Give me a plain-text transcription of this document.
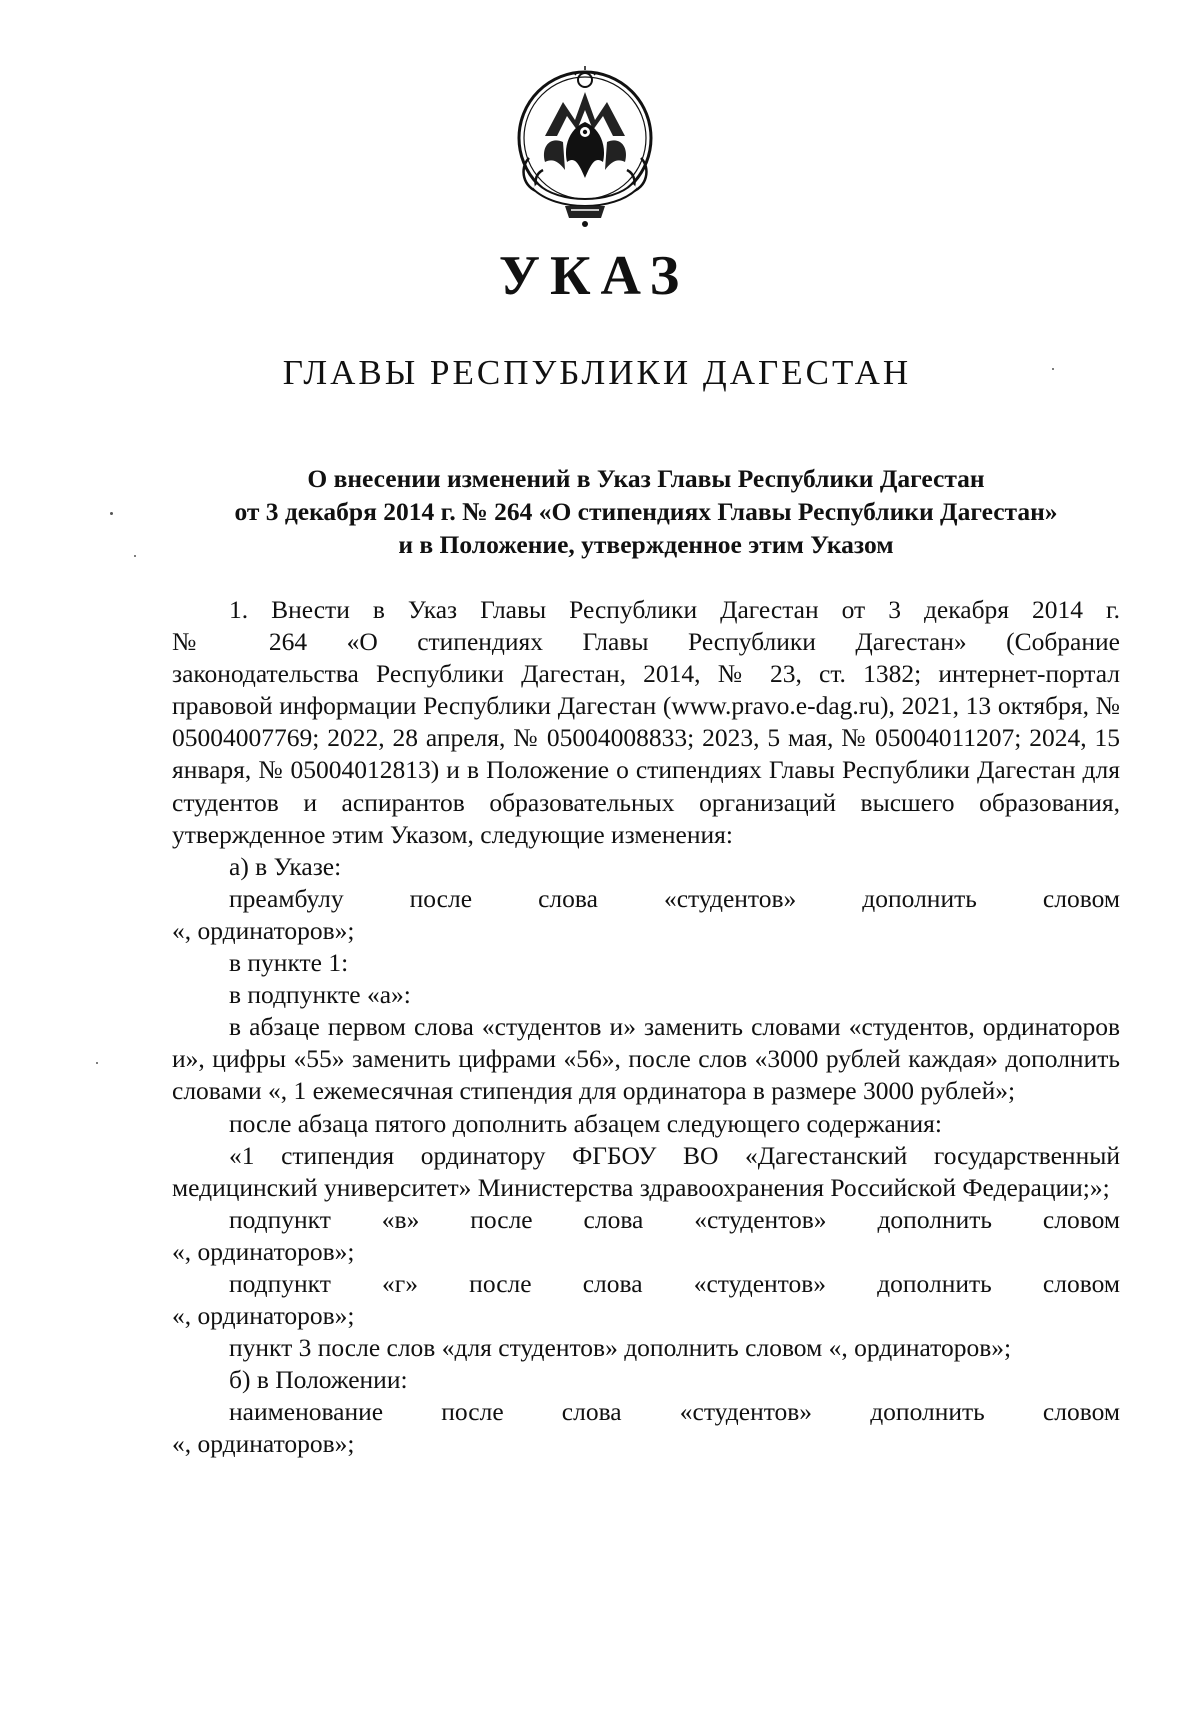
УКАЗ
ГЛАВЫ РЕСПУБЛИКИ ДАГЕСТАН
О внесении изменений в Указ Главы Республики Дагестан
от 3 декабря 2014 г. № 264 «О стипендиях Главы Республики Дагестан»
и в Положение, утвержденное этим Указом
1. Внести в Указ Главы Республики Дагестан от 3 декабря 2014 г.
№ 264 «О стипендиях Главы Республики Дагестан» (Собрание

законодательства Республики Дагестан, 2014, № 23, ст. 1382; интернет-портал правовой информации Республики Дагестан (www.pravo.e-dag.ru), 2021, 13 октября, № 05004007769; 2022, 28 апреля, № 05004008833; 2023, 5 мая, № 05004011207; 2024, 15 января, № 05004012813) и в Положение о стипендиях Главы Республики Дагестан для студентов и аспирантов образовательных организаций высшего образования, утвержденное этим Указом, следующие изменения:

а) в Указе:

преамбулу после слова «студентов» дополнить словом

«, ординаторов»;

в пункте 1:

в подпункте «а»:

в абзаце первом слова «студентов и» заменить словами «студентов, ординаторов и», цифры «55» заменить цифрами «56», после слов «3000 рублей каждая» дополнить словами «, 1 ежемесячная стипендия для ординатора в размере 3000 рублей»;

после абзаца пятого дополнить абзацем следующего содержания:

«1 стипендия ординатору ФГБОУ ВО «Дагестанский государственный медицинский университет» Министерства здравоохранения Российской Федерации;»;

подпункт «в» после слова «студентов» дополнить словом

«, ординаторов»;

подпункт «г» после слова «студентов» дополнить словом

«, ординаторов»;

пункт 3 после слов «для студентов» дополнить словом «, ординаторов»;

б) в Положении:

наименование после слова «студентов» дополнить словом

«, ординаторов»;
